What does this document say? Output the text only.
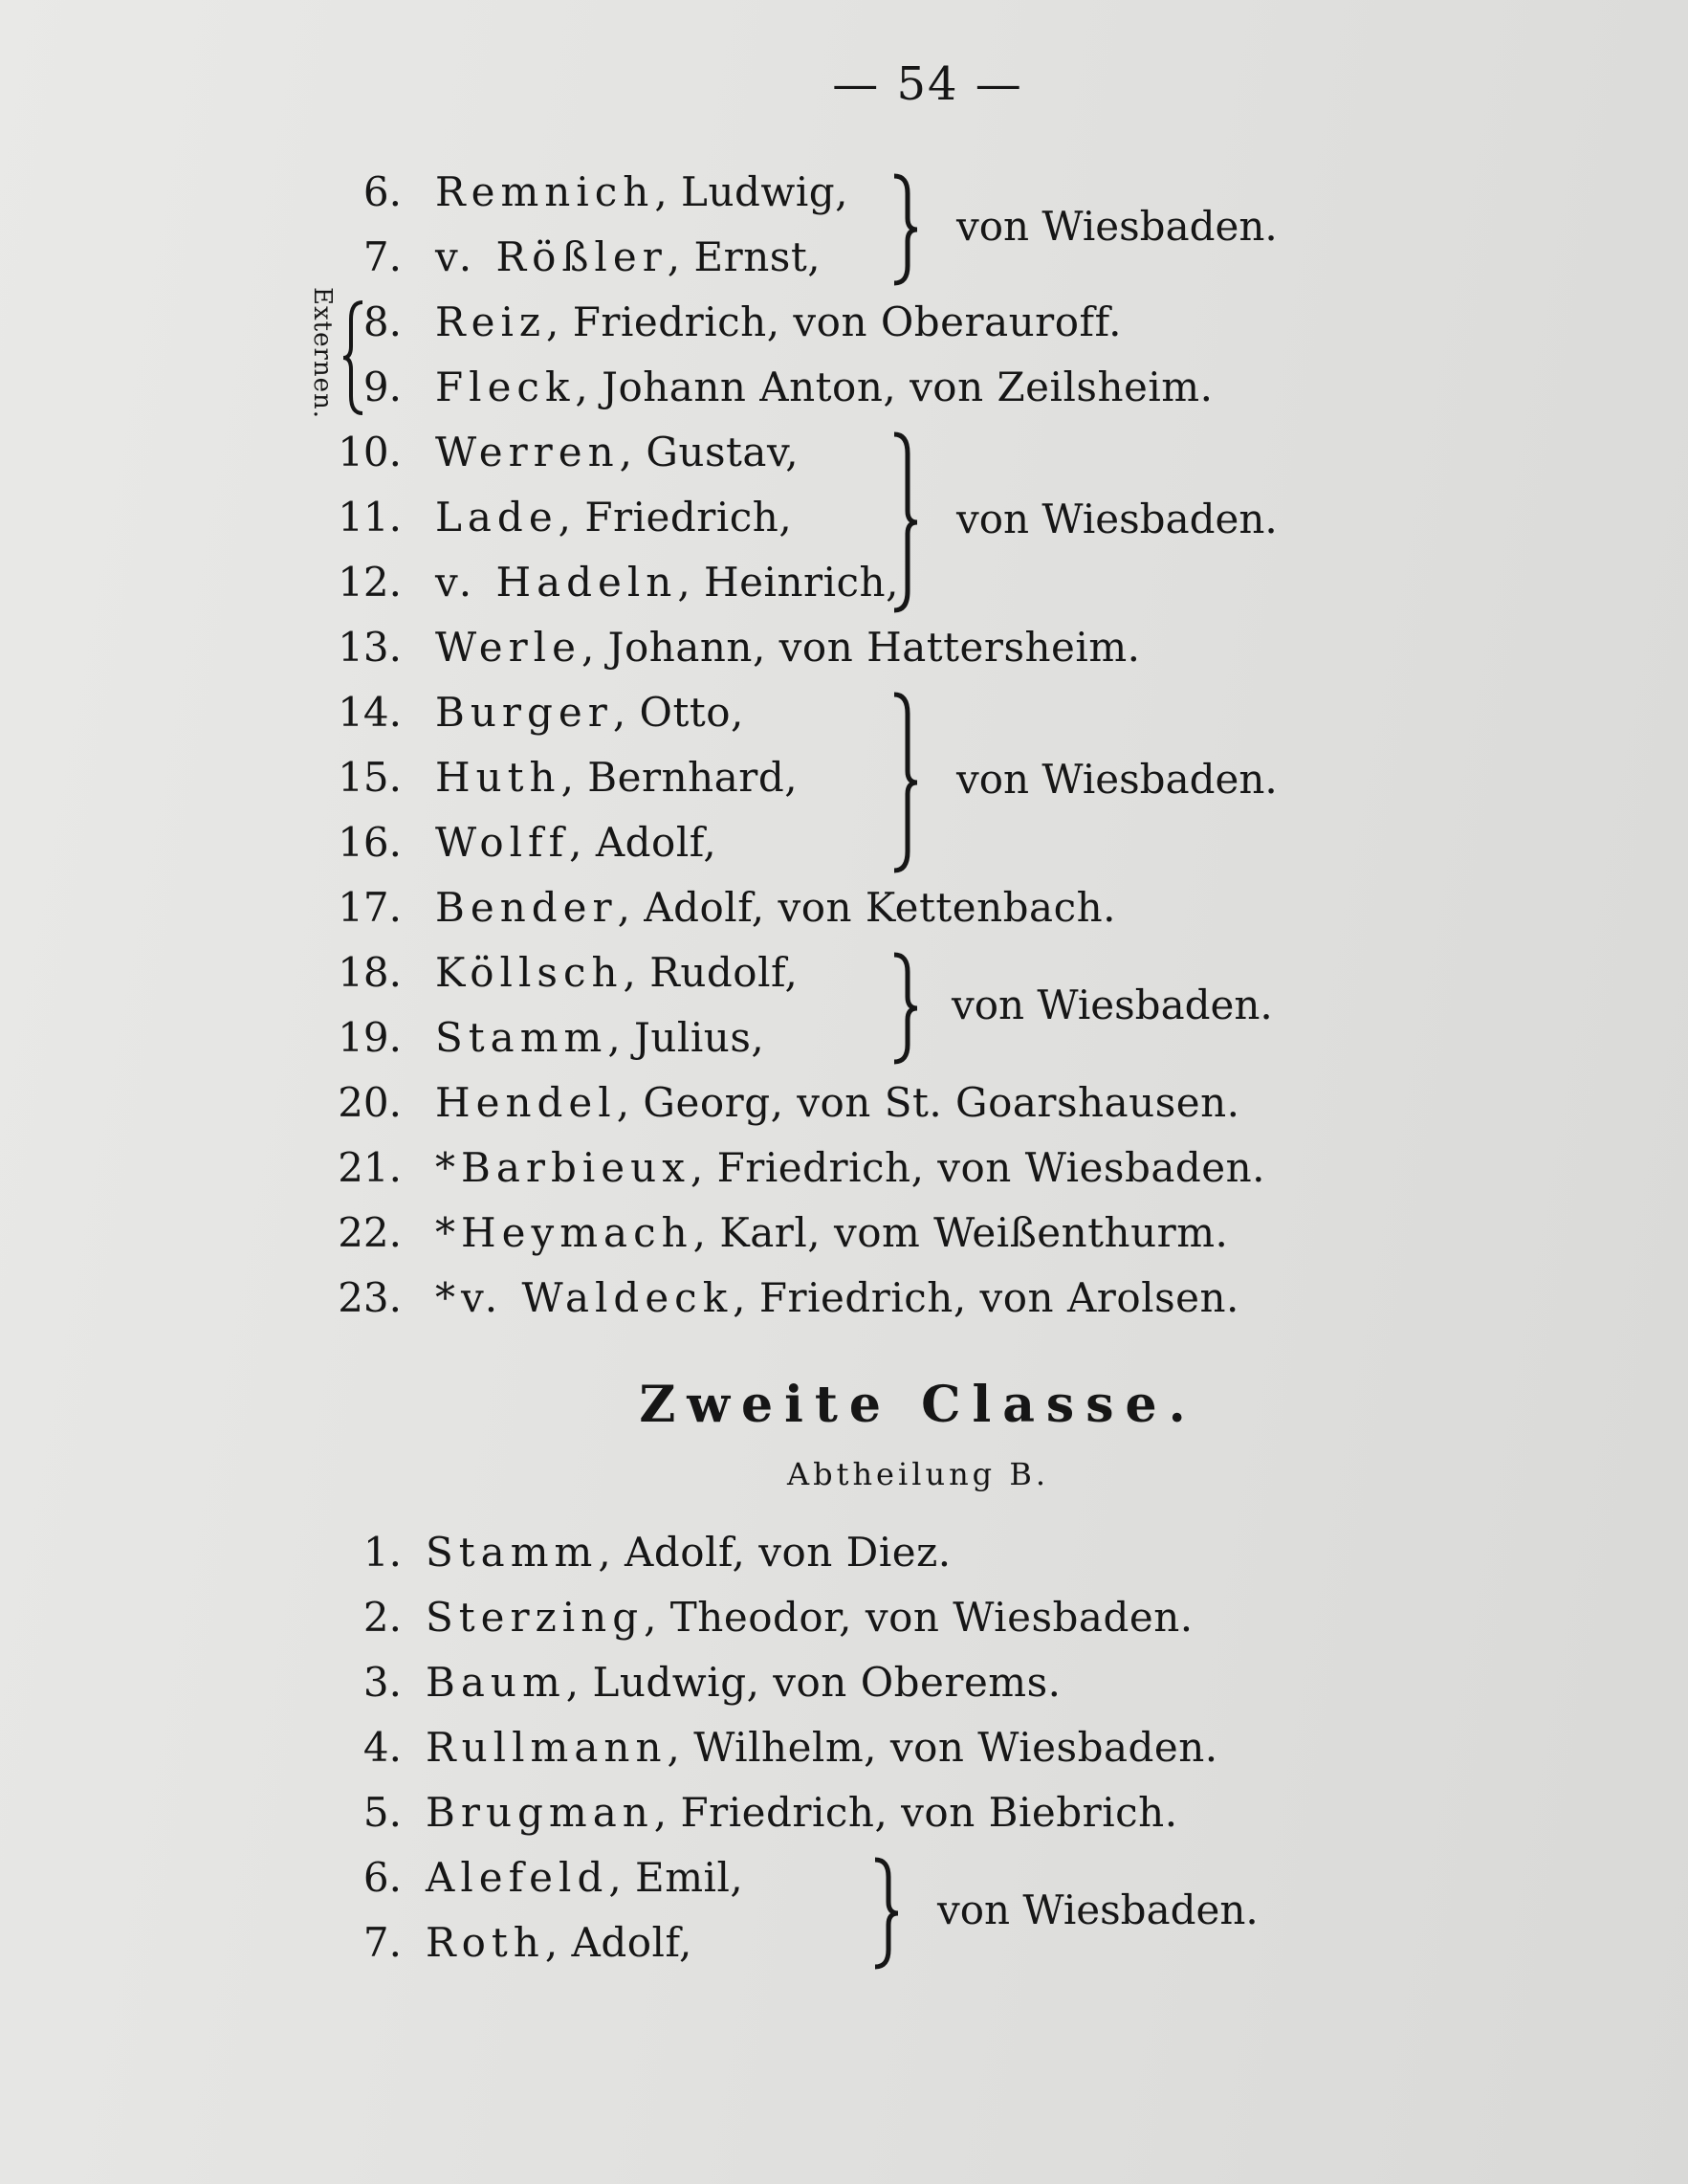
— 54 —
6. Remnich, Ludwig,
7. v. Rößler, Ernst,
8. Reiz, Friedrich, von Oberauroff.
9. Fleck, Johann Anton, von Zeilsheim.
10. Werren, Gustav,
11. Lade, Friedrich,
12. v. Hadeln, Heinrich,
13. Werle, Johann, von Hattersheim.
14. Burger, Otto,
15. Huth, Bernhard,
16. Wolff, Adolf,
17. Bender, Adolf, von Kettenbach.
18. Köllsch, Rudolf,
19. Stamm, Julius,
20. Hendel, Georg, von St. Goarshausen.
21. *Barbieux, Friedrich, von Wiesbaden.
22. *Heymach, Karl, vom Weißenthurm.
23. *v. Waldeck, Friedrich, von Arolsen.
von Wiesbaden.
von Wiesbaden.
von Wiesbaden.
von Wiesbaden.
Externen.
Zweite Classe.
Abtheilung B.
1. Stamm, Adolf, von Diez.
2. Sterzing, Theodor, von Wiesbaden.
3. Baum, Ludwig, von Oberems.
4. Rullmann, Wilhelm, von Wiesbaden.
5. Brugman, Friedrich, von Biebrich.
6. Alefeld, Emil,
7. Roth, Adolf,
von Wiesbaden.
